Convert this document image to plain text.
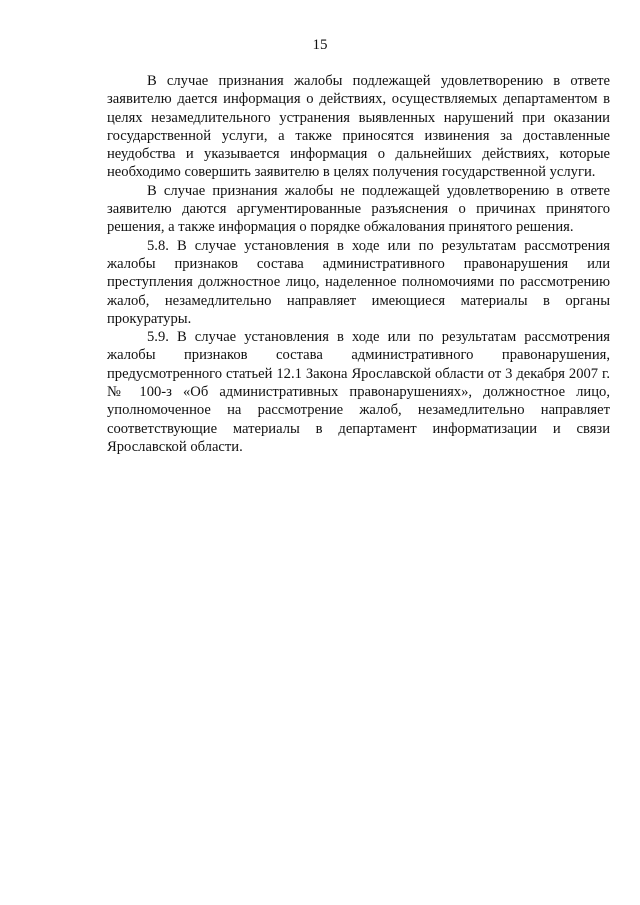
15

В случае признания жалобы подлежащей удовлетворению в ответе заявителю дается информация о действиях, осуществляемых департаментом в целях незамедлительного устранения выявленных нарушений при оказании государственной услуги, а также приносятся извинения за доставленные неудобства и указывается информация о дальнейших действиях, которые необходимо совершить заявителю в целях получения государственной услуги.

В случае признания жалобы не подлежащей удовлетворению в ответе заявителю даются аргументированные разъяснения о причинах принятого решения, а также информация о порядке обжалования принятого решения.

5.8. В случае установления в ходе или по результатам рассмотрения жалобы признаков состава административного правонарушения или преступления должностное лицо, наделенное полномочиями по рассмотрению жалоб, незамедлительно направляет имеющиеся материалы в органы прокуратуры.

5.9. В случае установления в ходе или по результатам рассмотрения жалобы признаков состава административного правонарушения, предусмотренного статьей 12.1 Закона Ярославской области от 3 декабря 2007 г. № 100-з «Об административных правонарушениях», должностное лицо, уполномоченное на рассмотрение жалоб, незамедлительно направляет соответствующие материалы в департамент информатизации и связи Ярославской области.
